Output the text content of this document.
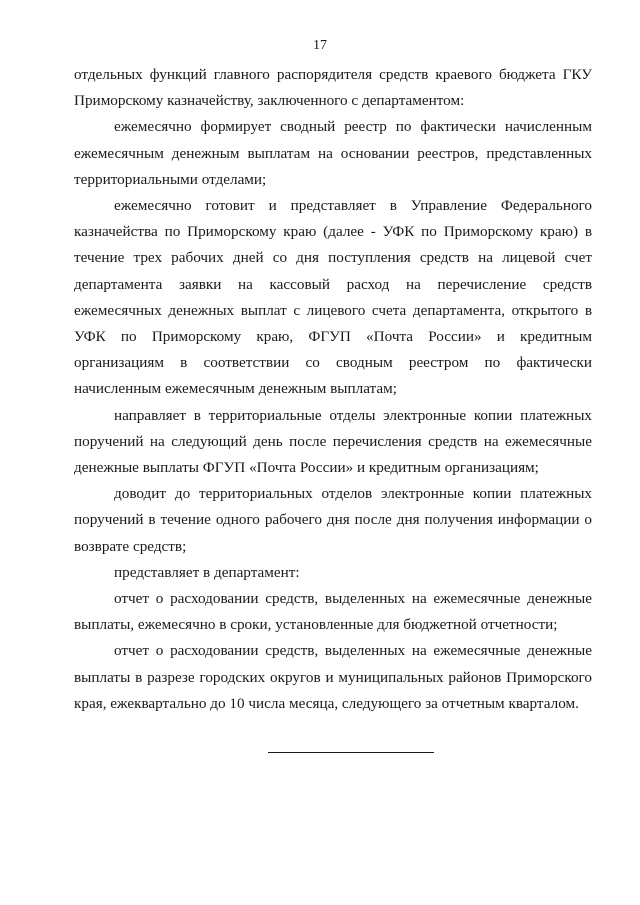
17

отдельных функций главного распорядителя средств краевого бюджета ГКУ Приморскому казначейству, заключенного с департаментом:

ежемесячно формирует сводный реестр по фактически начисленным ежемесячным денежным выплатам на основании реестров, представленных территориальными отделами;

ежемесячно готовит и представляет в Управление Федерального казначейства по Приморскому краю (далее - УФК по Приморскому краю) в течение трех рабочих дней со дня поступления средств на лицевой счет департамента заявки на кассовый расход на перечисление средств ежемесячных денежных выплат с лицевого счета департамента, открытого в УФК по Приморскому краю, ФГУП «Почта России» и кредитным организациям в соответствии со сводным реестром по фактически начисленным ежемесячным денежным выплатам;

направляет в территориальные отделы электронные копии платежных поручений на следующий день после перечисления средств на ежемесячные денежные выплаты ФГУП «Почта России» и кредитным организациям;

доводит до территориальных отделов электронные копии платежных поручений в течение одного рабочего дня после дня получения информации о возврате средств;

представляет в департамент:

отчет о расходовании средств, выделенных на ежемесячные денежные выплаты, ежемесячно в сроки, установленные для бюджетной отчетности;

отчет о расходовании средств, выделенных на ежемесячные денежные выплаты в разрезе городских округов и муниципальных районов Приморского края, ежеквартально до 10 числа месяца, следующего за отчетным кварталом.
